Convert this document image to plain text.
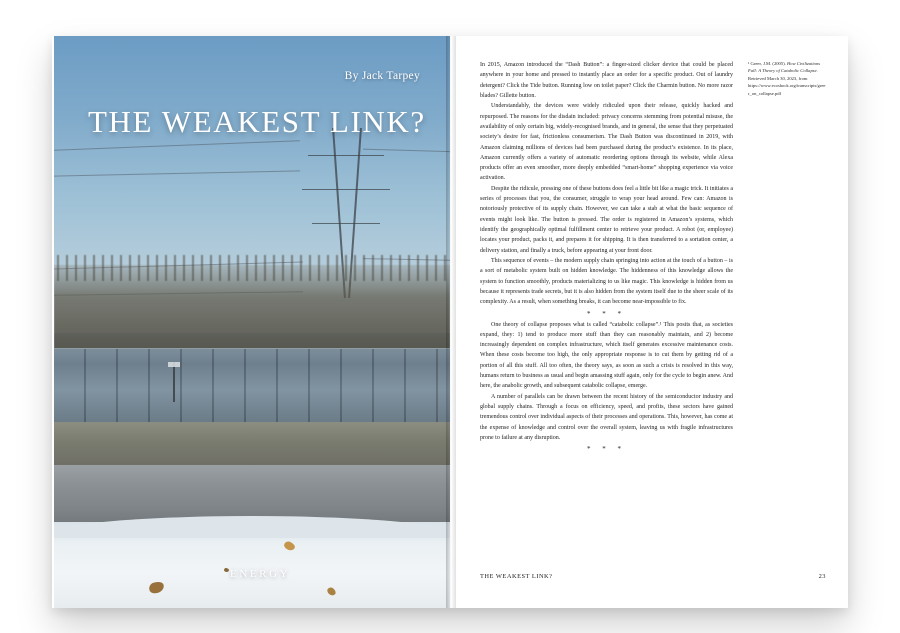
By Jack Tarpey
THE WEAKEST LINK?
ENERGY

In 2015, Amazon introduced the “Dash Button”: a finger-sized clicker device that could be placed anywhere in your home and pressed to instantly place an order for a specific product. Out of laundry detergent? Click the Tide button. Running low on toilet paper? Click the Charmin button. No more razor blades? Gillette button.

Understandably, the devices were widely ridiculed upon their release, quickly hacked and repurposed. The reasons for the disdain included: privacy concerns stemming from potential misuse, the availability of only certain big, widely-recognised brands, and in general, the sense that they perpetuated society’s desire for fast, frictionless consumerism. The Dash Button was discontinued in 2019, with Amazon claiming millions of devices had been purchased during the product’s existence. In its place, Amazon currently offers a variety of automatic reordering options through its website, while Alexa products offer an even smoother, more deeply embedded “smart-home” shopping experience via voice activation.

Despite the ridicule, pressing one of these buttons does feel a little bit like a magic trick. It initiates a series of processes that you, the consumer, struggle to wrap your head around. Few can: Amazon is notoriously protective of its supply chain. However, we can take a stab at what the basic sequence of events might look like. The button is pressed. The order is registered in Amazon’s systems, which identify the geographically optimal fulfillment center to retrieve your product. A robot (or, employee) locates your product, packs it, and prepares it for shipping. It is then transferred to a sortation center, a delivery station, and finally a truck, before appearing at your front door.

This sequence of events – the modern supply chain springing into action at the touch of a button – is a sort of metabolic system built on hidden knowledge. The hiddenness of this knowledge allows the system to function smoothly, products materializing to us like magic. This knowledge is hidden from us because it represents trade secrets, but it is also hidden from the system itself due to the sheer scale of its complexity. As a result, when something breaks, it can become near-impossible to fix.

* * *

One theory of collapse proposes what is called “catabolic collapse”.¹ This posits that, as societies expand, they: 1) tend to produce more stuff than they can reasonably maintain, and 2) become increasingly dependent on complex infrastructure, which itself generates excessive maintenance costs. When these costs become too high, the only appropriate response is to cut them by getting rid of a portion of all this stuff. All too often, the theory says, as soon as such a crisis is resolved in this way, humans return to business as usual and begin amassing stuff again, only for the cycle to begin anew. And here, the anabolic growth, and subsequent catabolic collapse, emerge.

A number of parallels can be drawn between the recent history of the semiconductor industry and global supply chains. Through a focus on efficiency, speed, and profits, these sectors have gained tremendous control over individual aspects of their processes and operations. This, however, has come at the expense of knowledge and control over the overall system, leaving us with fragile infrastructures prone to failure at any disruption.

* * *

¹ Greer, J.M. (2005). How Civilizations Fall: A Theory of Catabolic Collapse. Retrieved March 30, 2023, from https://www.ecoshock.org/transcripts/greer_on_collapse.pdf

THE WEAKEST LINK?	23
